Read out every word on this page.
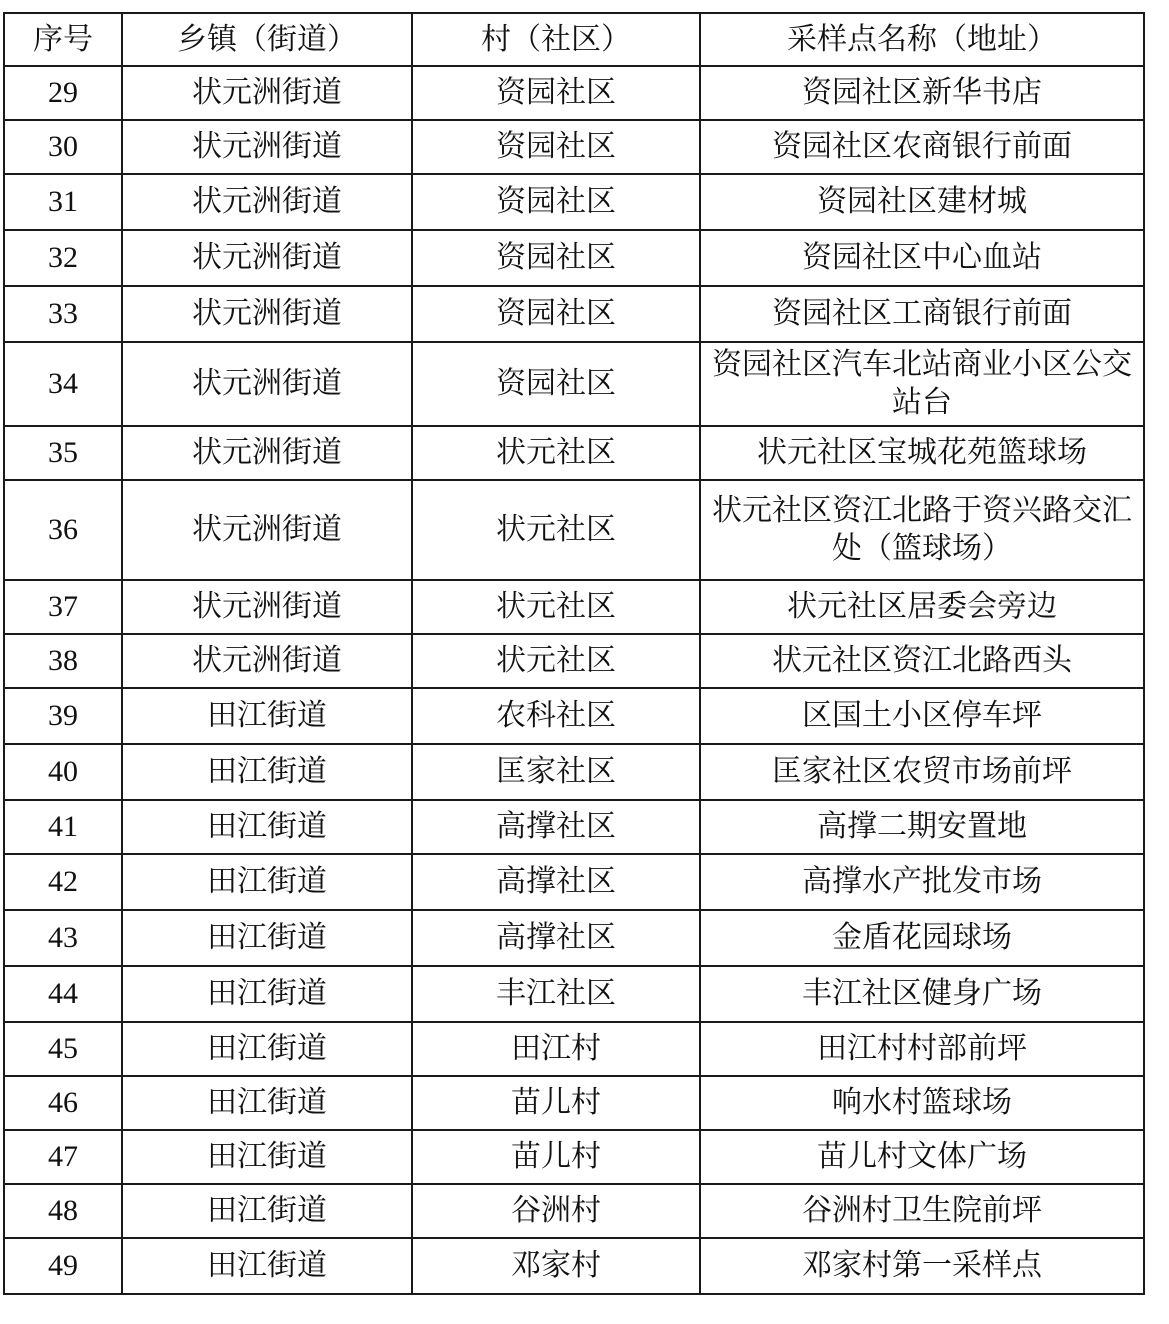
序号	乡镇（街道）	村（社区）	采样点名称（地址）
29	状元洲街道	资园社区	资园社区新华书店
30	状元洲街道	资园社区	资园社区农商银行前面
31	状元洲街道	资园社区	资园社区建材城
32	状元洲街道	资园社区	资园社区中心血站
33	状元洲街道	资园社区	资园社区工商银行前面
34	状元洲街道	资园社区	资园社区汽车北站商业小区公交站台
35	状元洲街道	状元社区	状元社区宝城花苑篮球场
36	状元洲街道	状元社区	状元社区资江北路于资兴路交汇处（篮球场）
37	状元洲街道	状元社区	状元社区居委会旁边
38	状元洲街道	状元社区	状元社区资江北路西头
39	田江街道	农科社区	区国土小区停车坪
40	田江街道	匡家社区	匡家社区农贸市场前坪
41	田江街道	高撑社区	高撑二期安置地
42	田江街道	高撑社区	高撑水产批发市场
43	田江街道	高撑社区	金盾花园球场
44	田江街道	丰江社区	丰江社区健身广场
45	田江街道	田江村	田江村村部前坪
46	田江街道	苗儿村	响水村篮球场
47	田江街道	苗儿村	苗儿村文体广场
48	田江街道	谷洲村	谷洲村卫生院前坪
49	田江街道	邓家村	邓家村第一采样点
